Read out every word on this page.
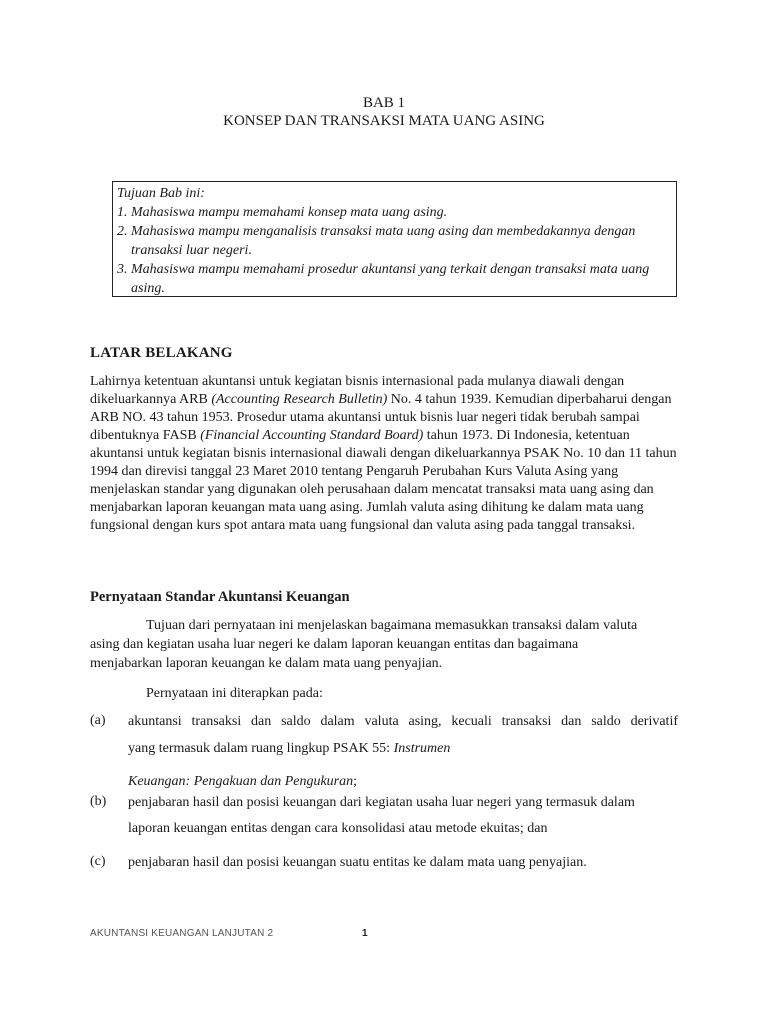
BAB 1
KONSEP DAN TRANSAKSI MATA UANG ASING
Tujuan Bab ini:
1. Mahasiswa mampu memahami konsep mata uang asing.
2. Mahasiswa mampu menganalisis transaksi mata uang asing dan membedakannya dengan transaksi luar negeri.
3. Mahasiswa mampu memahami prosedur akuntansi yang terkait dengan transaksi mata uang asing.
LATAR BELAKANG
Lahirnya ketentuan akuntansi untuk kegiatan bisnis internasional pada mulanya diawali dengan dikeluarkannya ARB (Accounting Research Bulletin) No. 4 tahun 1939. Kemudian diperbaharui dengan ARB NO. 43 tahun 1953. Prosedur utama akuntansi untuk bisnis luar negeri tidak berubah sampai dibentuknya FASB (Financial Accounting Standard Board) tahun 1973. Di Indonesia, ketentuan akuntansi untuk kegiatan bisnis internasional diawali dengan dikeluarkannya PSAK No. 10 dan 11 tahun 1994 dan direvisi tanggal 23 Maret 2010 tentang Pengaruh Perubahan Kurs Valuta Asing yang menjelaskan standar yang digunakan oleh perusahaan dalam mencatat transaksi mata uang asing dan menjabarkan laporan keuangan mata uang asing. Jumlah valuta asing dihitung ke dalam mata uang fungsional dengan kurs spot antara mata uang fungsional dan valuta asing pada tanggal transaksi.
Pernyataan Standar Akuntansi Keuangan
Tujuan dari pernyataan ini menjelaskan bagaimana memasukkan transaksi dalam valuta
asing dan kegiatan usaha luar negeri ke dalam laporan keuangan entitas dan bagaimana
menjabarkan laporan keuangan ke dalam mata uang penyajian.
Pernyataan ini diterapkan pada:
(a) akuntansi transaksi dan saldo dalam valuta asing, kecuali transaksi dan saldo derivatif
yang termasuk dalam ruang lingkup PSAK 55: Instrumen
Keuangan: Pengakuan dan Pengukuran;
(b) penjabaran hasil dan posisi keuangan dari kegiatan usaha luar negeri yang termasuk dalam
laporan keuangan entitas dengan cara konsolidasi atau metode ekuitas; dan
(c) penjabaran hasil dan posisi keuangan suatu entitas ke dalam mata uang penyajian.
AKUNTANSI KEUANGAN LANJUTAN 2	1
